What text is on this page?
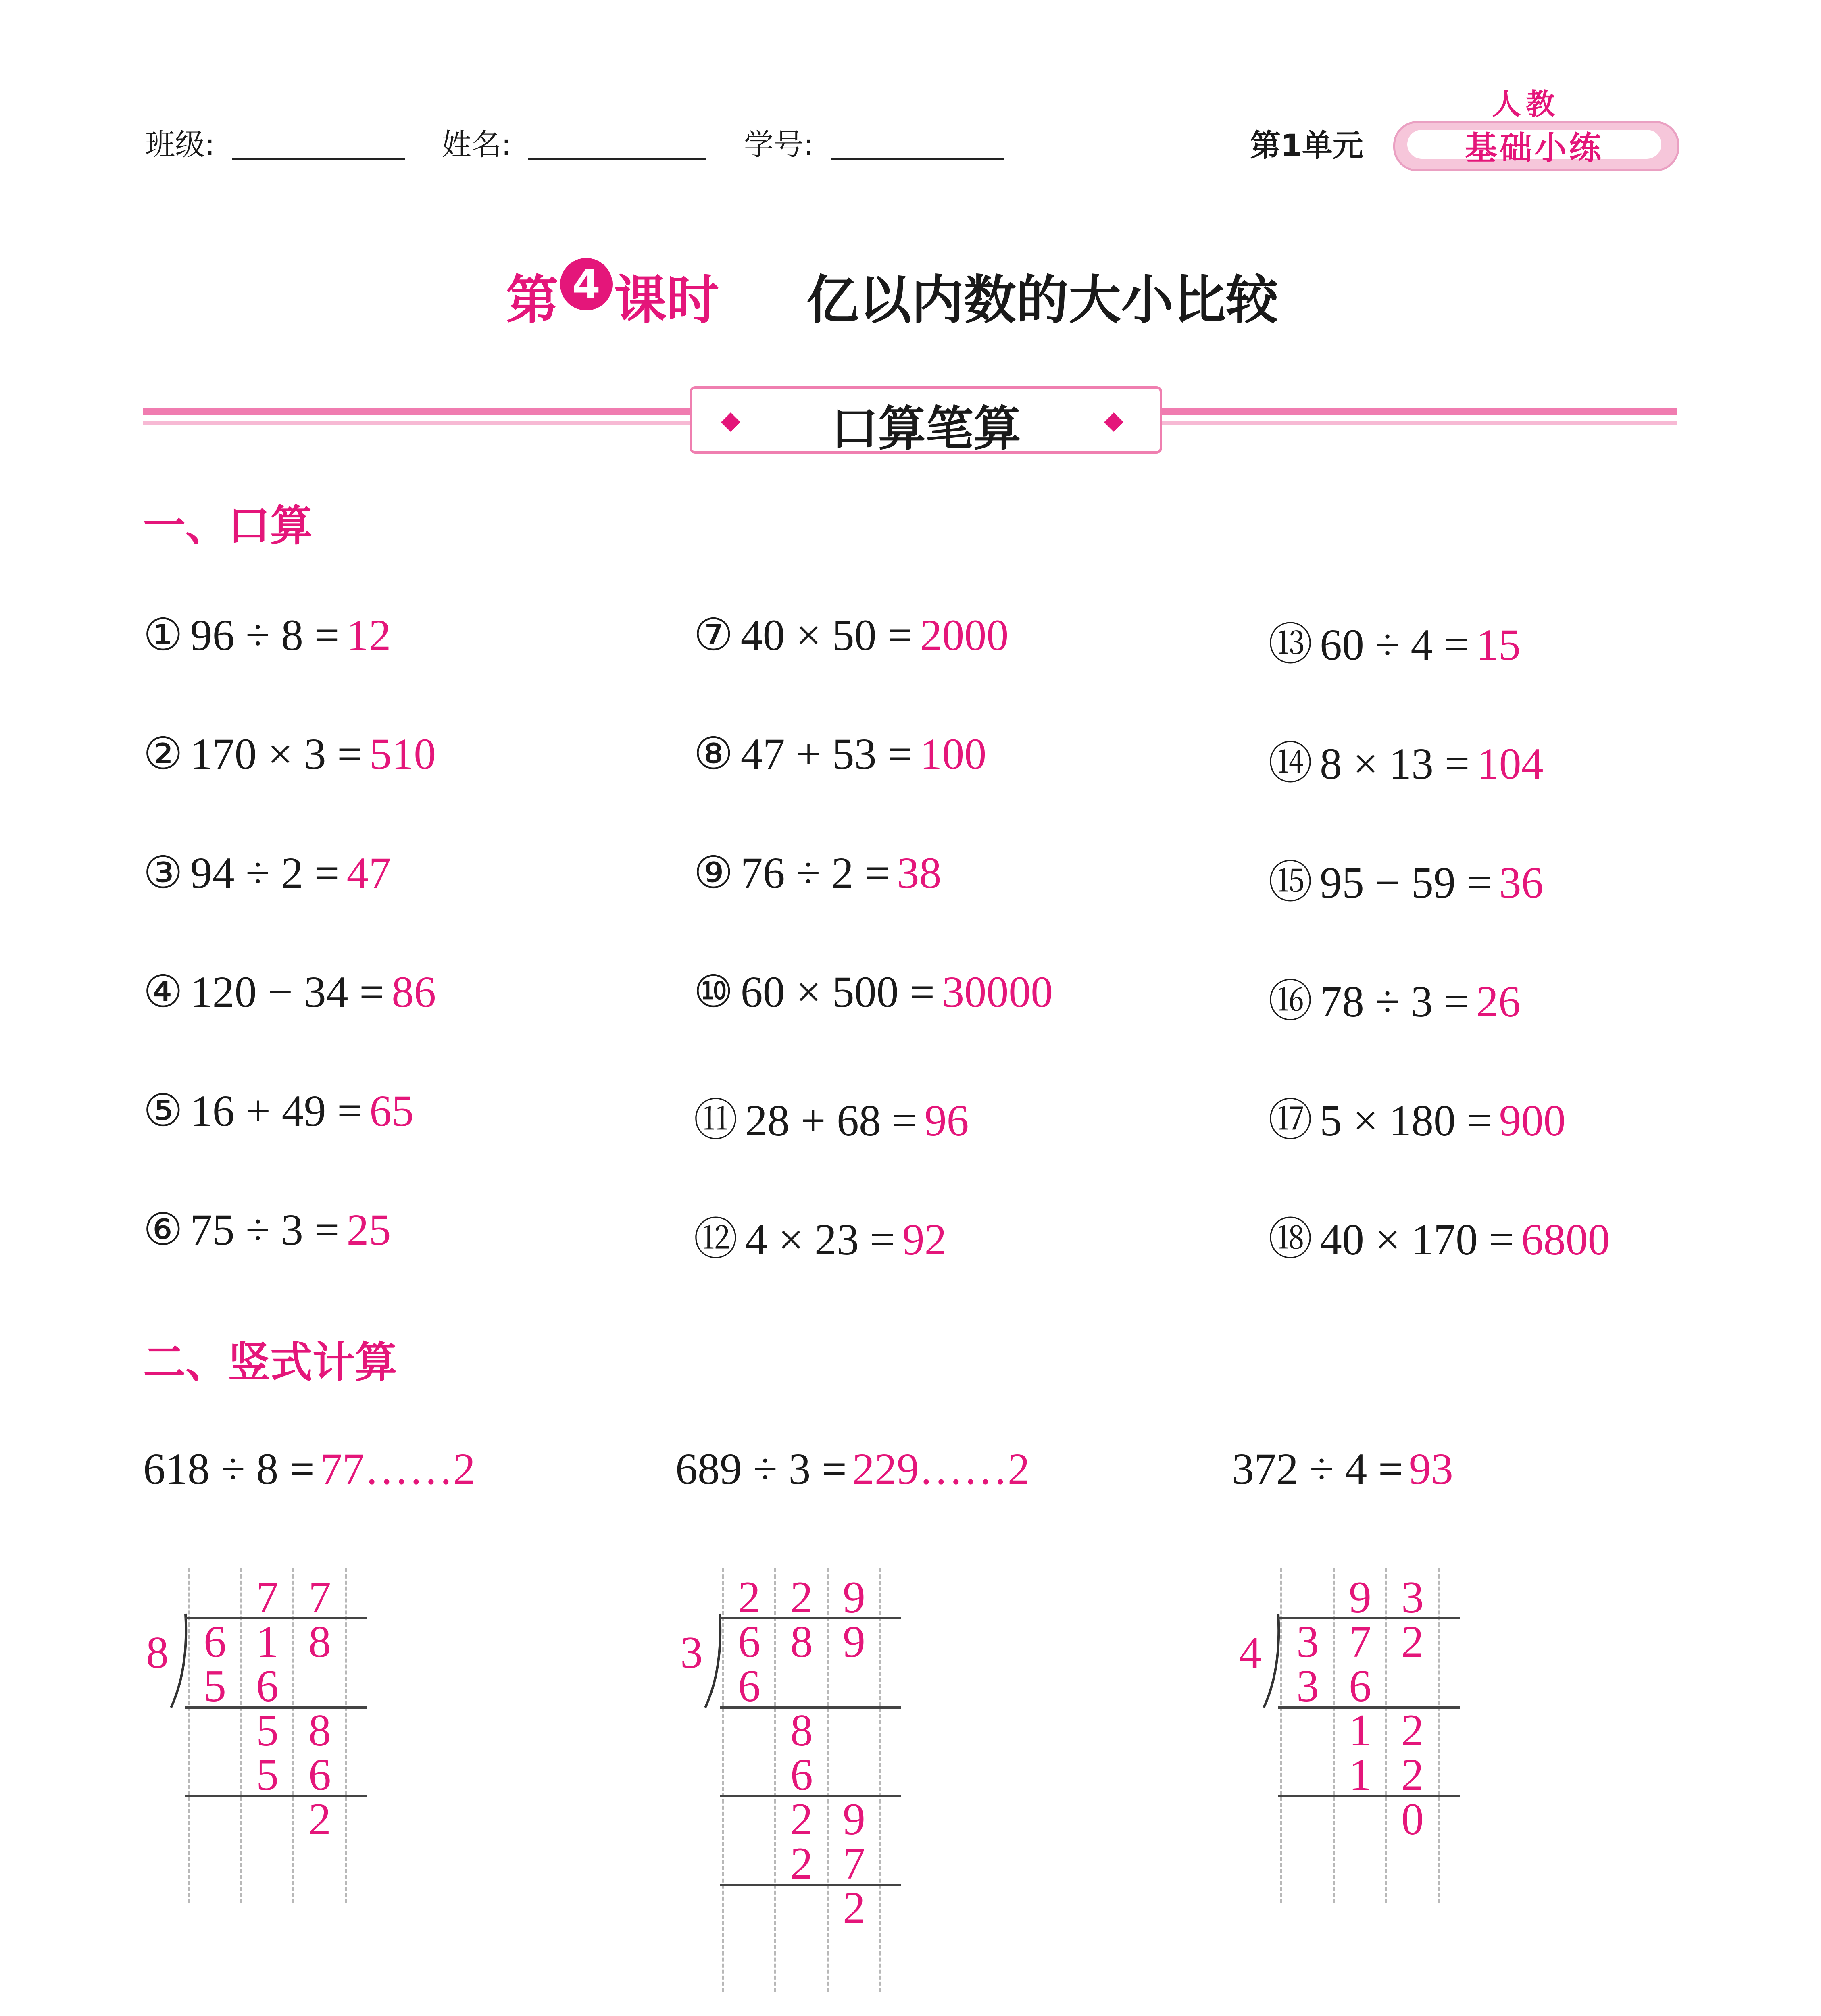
班级:	姓名:	学号:	第1单元
人教
基础小练
第 4 课时 亿以内数的大小比较
口算笔算
一、口算
① 96 ÷ 8 = 12
② 170 × 3 = 510
③ 94 ÷ 2 = 47
④ 120 − 34 = 86
⑤ 16 + 49 = 65
⑥ 75 ÷ 3 = 25
⑦ 40 × 50 = 2000
⑧ 47 + 53 = 100
⑨ 76 ÷ 2 = 38
⑩ 60 × 500 = 30000
⑪ 28 + 68 = 96
⑫ 4 × 23 = 92
⑬ 60 ÷ 4 = 15
⑭ 8 × 13 = 104
⑮ 95 − 59 = 36
⑯ 78 ÷ 3 = 26
⑰ 5 × 180 = 900
⑱ 40 × 170 = 6800
二、竖式计算
618 ÷ 8 = 77……2
8
7 7
6 1 8
5 6
5 8
5 6
2
689 ÷ 3 = 229……2
3
2 2 9
6 8 9
6
8
6
2 9
2 7
2
372 ÷ 4 = 93
4
9 3
3 7 2
3 6
1 2
1 2
0
